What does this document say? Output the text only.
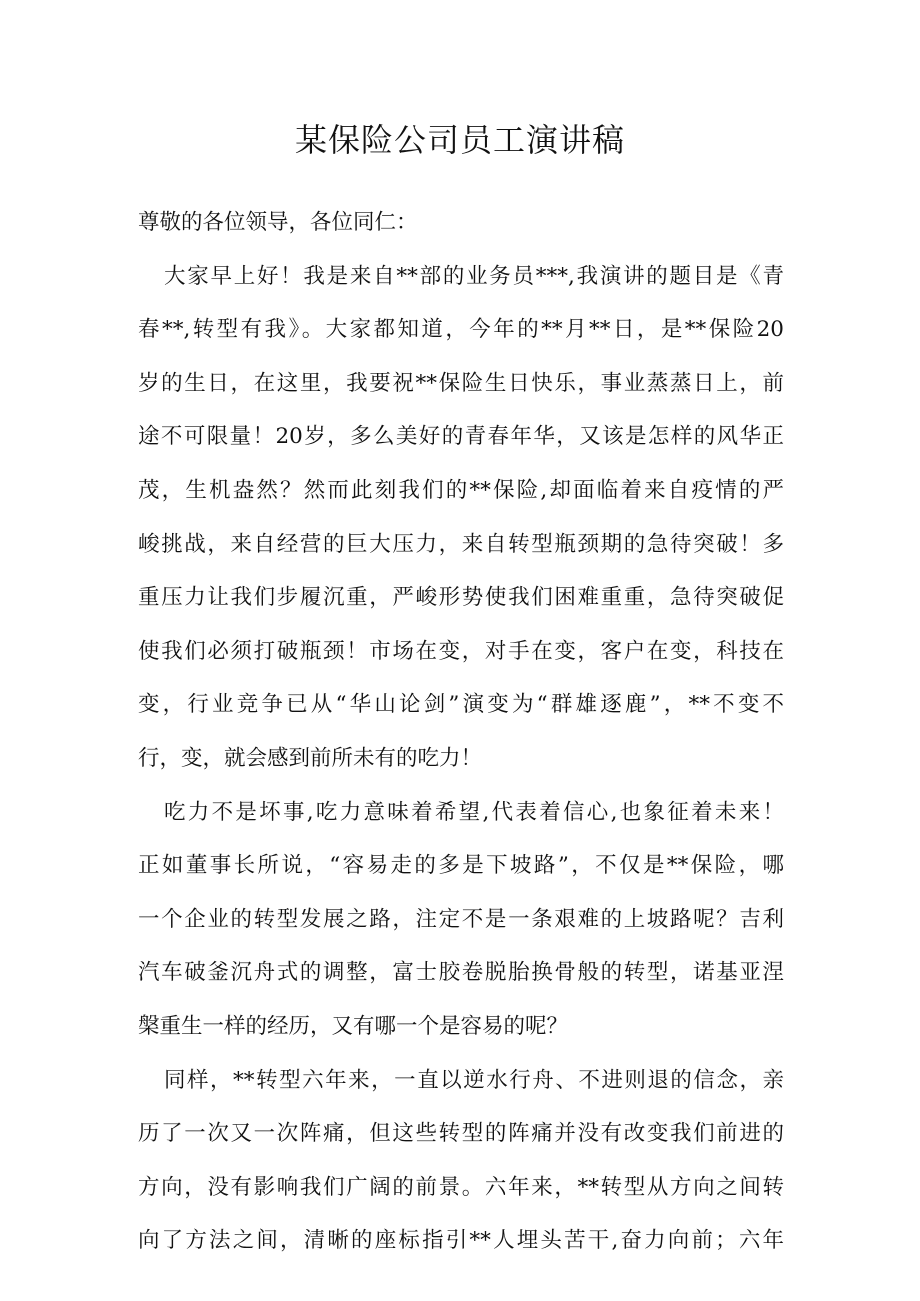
某保险公司员工演讲稿
尊敬的各位领导，各位同仁：
大家早上好！我是来自**部的业务员***,我演讲的题目是《青
春**,转型有我》。大家都知道，今年的**月**日，是**保险20
岁的生日，在这里，我要祝**保险生日快乐，事业蒸蒸日上，前
途不可限量！20岁，多么美好的青春年华，又该是怎样的风华正
茂，生机盎然？然而此刻我们的**保险,却面临着来自疫情的严
峻挑战，来自经营的巨大压力，来自转型瓶颈期的急待突破！多
重压力让我们步履沉重，严峻形势使我们困难重重，急待突破促
使我们必须打破瓶颈！市场在变，对手在变，客户在变，科技在
变，行业竞争已从“华山论剑”演变为“群雄逐鹿”，**不变不
行，变，就会感到前所未有的吃力！
吃力不是坏事,吃力意味着希望,代表着信心,也象征着未来！
正如董事长所说，“容易走的多是下坡路”，不仅是**保险，哪
一个企业的转型发展之路，注定不是一条艰难的上坡路呢？吉利
汽车破釜沉舟式的调整，富士胶卷脱胎换骨般的转型，诺基亚涅
槃重生一样的经历，又有哪一个是容易的呢？
同样，**转型六年来，一直以逆水行舟、不进则退的信念，亲
历了一次又一次阵痛，但这些转型的阵痛并没有改变我们前进的
方向，没有影响我们广阔的前景。六年来，**转型从方向之间转
向了方法之间，清晰的座标指引**人埋头苦干,奋力向前；六年
